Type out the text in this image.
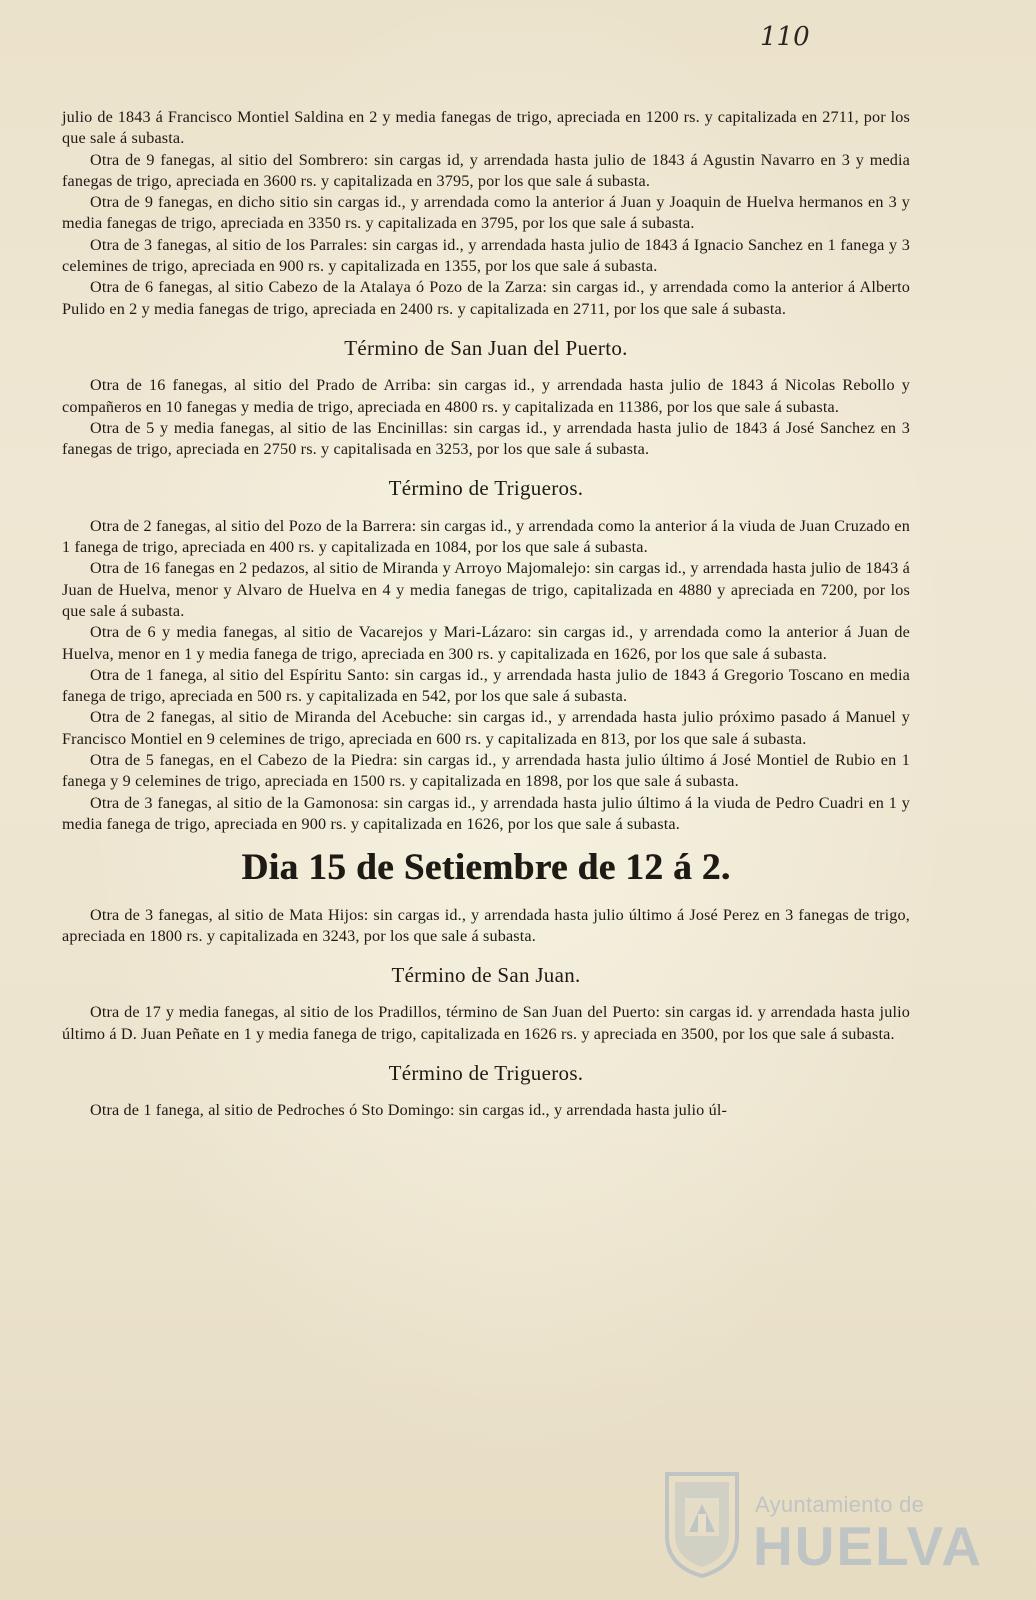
110

julio de 1843 á Francisco Montiel Saldina en 2 y media fanegas de trigo, apreciada en 1200 rs. y capitalizada en 2711, por los que sale á subasta.

Otra de 9 fanegas, al sitio del Sombrero: sin cargas id, y arrendada hasta julio de 1843 á Agustin Navarro en 3 y media fanegas de trigo, apreciada en 3600 rs. y capitalizada en 3795, por los que sale á subasta.

Otra de 9 fanegas, en dicho sitio sin cargas id., y arrendada como la anterior á Juan y Joaquin de Huelva hermanos en 3 y media fanegas de trigo, apreciada en 3350 rs. y capitalizada en 3795, por los que sale á subasta.

Otra de 3 fanegas, al sitio de los Parrales: sin cargas id., y arrendada hasta julio de 1843 á Ignacio Sanchez en 1 fanega y 3 celemines de trigo, apreciada en 900 rs. y capitalizada en 1355, por los que sale á subasta.

Otra de 6 fanegas, al sitio Cabezo de la Atalaya ó Pozo de la Zarza: sin cargas id., y arrendada como la anterior á Alberto Pulido en 2 y media fanegas de trigo, apreciada en 2400 rs. y capitalizada en 2711, por los que sale á subasta.

Término de San Juan del Puerto.

Otra de 16 fanegas, al sitio del Prado de Arriba: sin cargas id., y arrendada hasta julio de 1843 á Nicolas Rebollo y compañeros en 10 fanegas y media de trigo, apreciada en 4800 rs. y capitalizada en 11386, por los que sale á subasta.

Otra de 5 y media fanegas, al sitio de las Encinillas: sin cargas id., y arrendada hasta julio de 1843 á José Sanchez en 3 fanegas de trigo, apreciada en 2750 rs. y capitalisada en 3253, por los que sale á subasta.

Término de Trigueros.

Otra de 2 fanegas, al sitio del Pozo de la Barrera: sin cargas id., y arrendada como la anterior á la viuda de Juan Cruzado en 1 fanega de trigo, apreciada en 400 rs. y capitalizada en 1084, por los que sale á subasta.

Otra de 16 fanegas en 2 pedazos, al sitio de Miranda y Arroyo Majomalejo: sin cargas id., y arrendada hasta julio de 1843 á Juan de Huelva, menor y Alvaro de Huelva en 4 y media fanegas de trigo, capitalizada en 4880 y apreciada en 7200, por los que sale á subasta.

Otra de 6 y media fanegas, al sitio de Vacarejos y Mari-Lázaro: sin cargas id., y arrendada como la anterior á Juan de Huelva, menor en 1 y media fanega de trigo, apreciada en 300 rs. y capitalizada en 1626, por los que sale á subasta.

Otra de 1 fanega, al sitio del Espíritu Santo: sin cargas id., y arrendada hasta julio de 1843 á Gregorio Toscano en media fanega de trigo, apreciada en 500 rs. y capitalizada en 542, por los que sale á subasta.

Otra de 2 fanegas, al sitio de Miranda del Acebuche: sin cargas id., y arrendada hasta julio próximo pasado á Manuel y Francisco Montiel en 9 celemines de trigo, apreciada en 600 rs. y capitalizada en 813, por los que sale á subasta.

Otra de 5 fanegas, en el Cabezo de la Piedra: sin cargas id., y arrendada hasta julio último á José Montiel de Rubio en 1 fanega y 9 celemines de trigo, apreciada en 1500 rs. y capitalizada en 1898, por los que sale á subasta.

Otra de 3 fanegas, al sitio de la Gamonosa: sin cargas id., y arrendada hasta julio último á la viuda de Pedro Cuadri en 1 y media fanega de trigo, apreciada en 900 rs. y capitalizada en 1626, por los que sale á subasta.

Dia 15 de Setiembre de 12 á 2.

Otra de 3 fanegas, al sitio de Mata Hijos: sin cargas id., y arrendada hasta julio último á José Perez en 3 fanegas de trigo, apreciada en 1800 rs. y capitalizada en 3243, por los que sale á subasta.

Término de San Juan.

Otra de 17 y media fanegas, al sitio de los Pradillos, término de San Juan del Puerto: sin cargas id. y arrendada hasta julio último á D. Juan Peñate en 1 y media fanega de trigo, capitalizada en 1626 rs. y apreciada en 3500, por los que sale á subasta.

Término de Trigueros.

Otra de 1 fanega, al sitio de Pedroches ó Sto Domingo: sin cargas id., y arrendada hasta julio úl-

Ayuntamiento de
HUELVA
